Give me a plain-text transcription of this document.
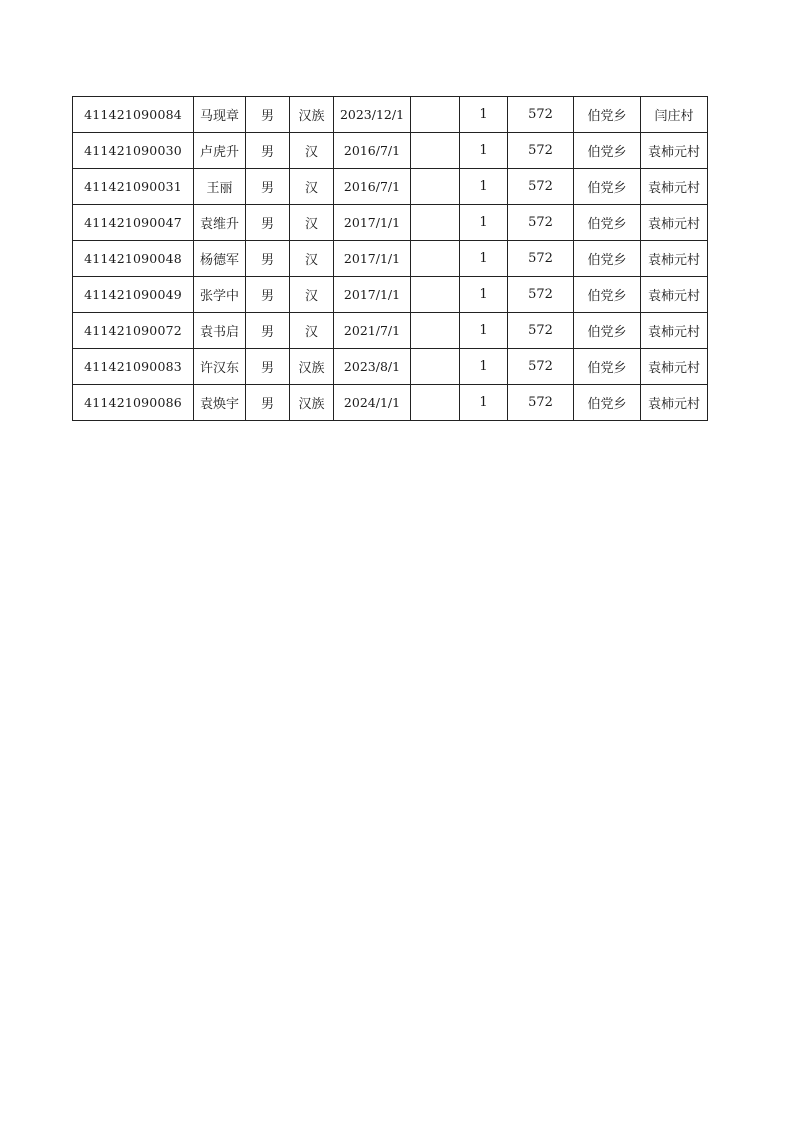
411421090084	马现章	男	汉族	2023/12/1		1	572	伯党乡	闫庄村
411421090030	卢虎升	男	汉	2016/7/1		1	572	伯党乡	袁柿元村
411421090031	王丽	男	汉	2016/7/1		1	572	伯党乡	袁柿元村
411421090047	袁维升	男	汉	2017/1/1		1	572	伯党乡	袁柿元村
411421090048	杨德军	男	汉	2017/1/1		1	572	伯党乡	袁柿元村
411421090049	张学中	男	汉	2017/1/1		1	572	伯党乡	袁柿元村
411421090072	袁书启	男	汉	2021/7/1		1	572	伯党乡	袁柿元村
411421090083	许汉东	男	汉族	2023/8/1		1	572	伯党乡	袁柿元村
411421090086	袁焕宇	男	汉族	2024/1/1		1	572	伯党乡	袁柿元村
